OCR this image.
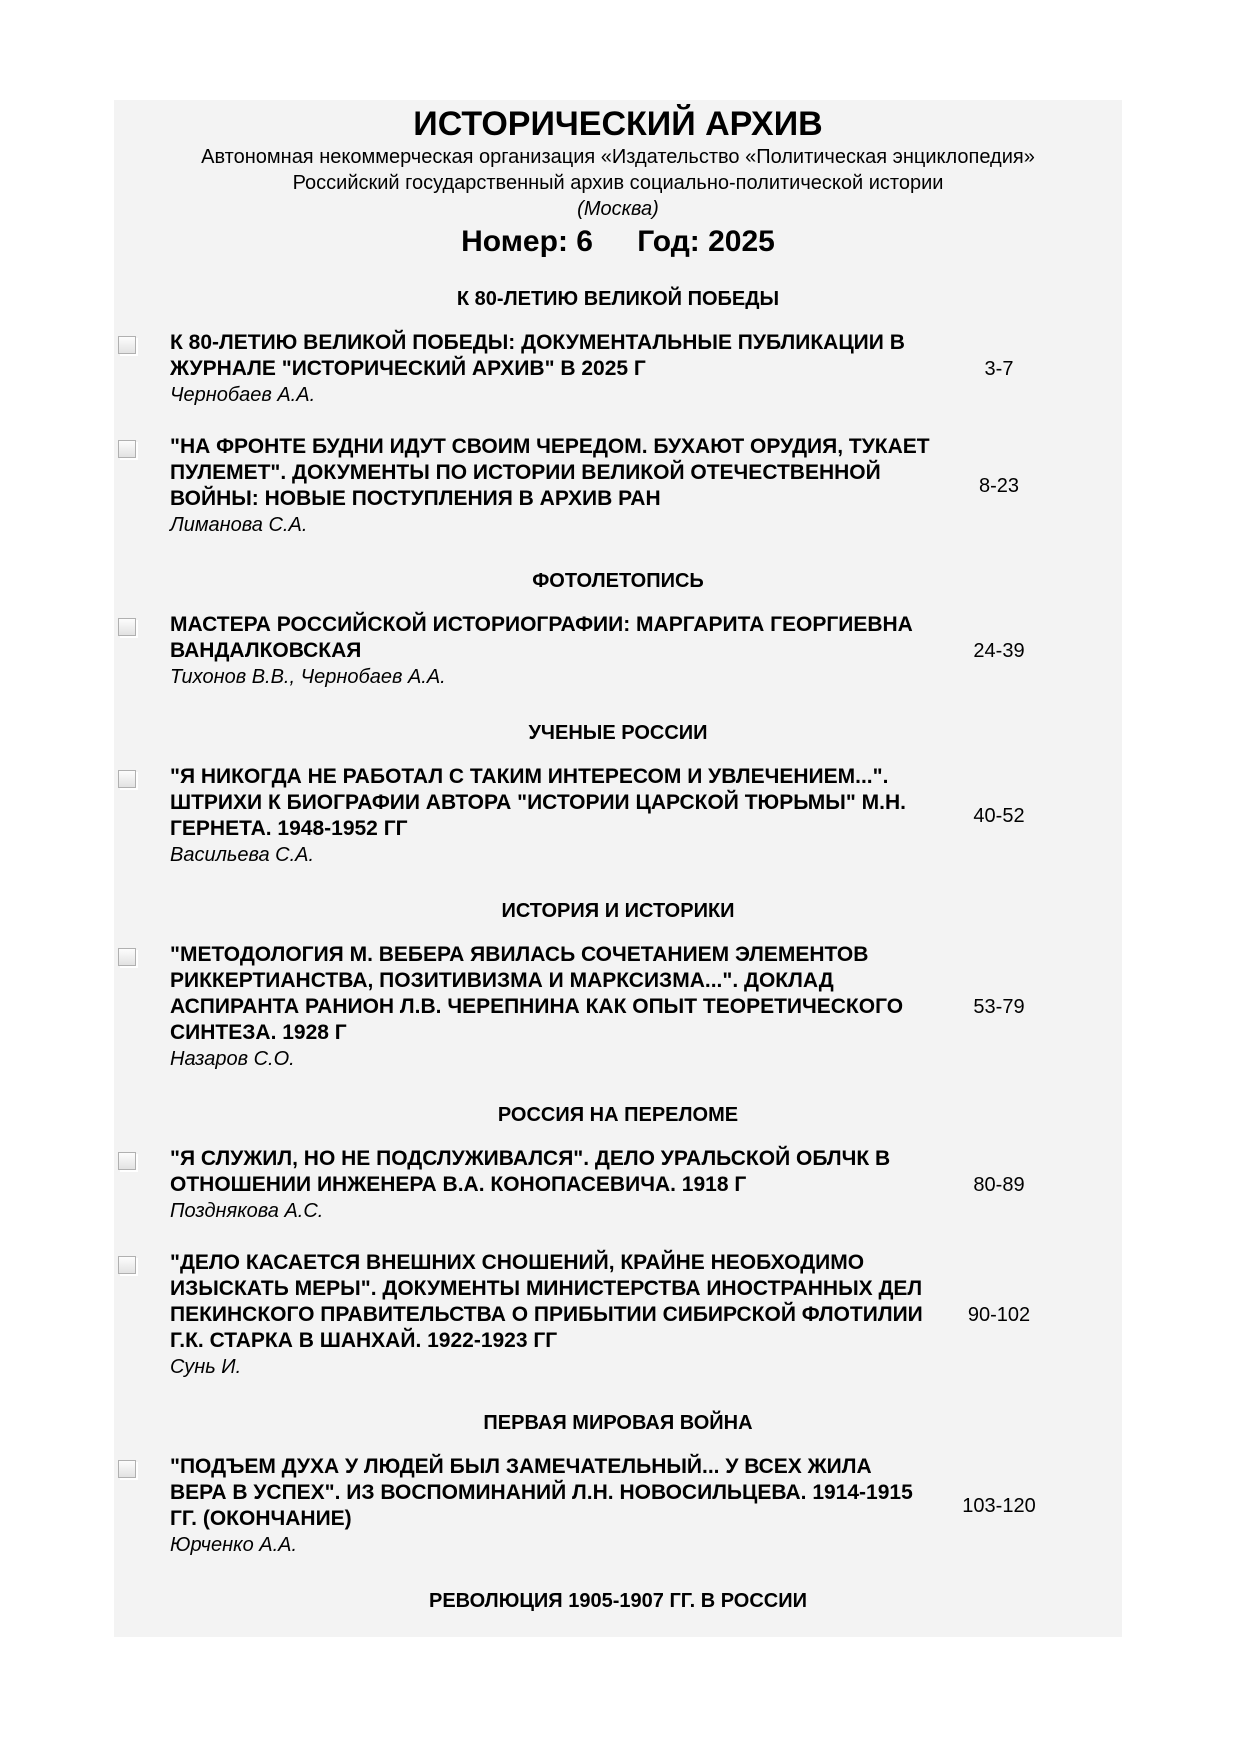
ИСТОРИЧЕСКИЙ АРХИВ
Автономная некоммерческая организация «Издательство «Политическая энциклопедия»
Российский государственный архив социально-политической истории
(Москва)
Номер: 6 Год: 2025
К 80-ЛЕТИЮ ВЕЛИКОЙ ПОБЕДЫ
К 80-ЛЕТИЮ ВЕЛИКОЙ ПОБЕДЫ: ДОКУМЕНТАЛЬНЫЕ ПУБЛИКАЦИИ В ЖУРНАЛЕ "ИСТОРИЧЕСКИЙ АРХИВ" В 2025 Г
Чернобаев А.А.
3-7
"НА ФРОНТЕ БУДНИ ИДУТ СВОИМ ЧЕРЕДОМ. БУХАЮТ ОРУДИЯ, ТУКАЕТ ПУЛЕМЕТ". ДОКУМЕНТЫ ПО ИСТОРИИ ВЕЛИКОЙ ОТЕЧЕСТВЕННОЙ ВОЙНЫ: НОВЫЕ ПОСТУПЛЕНИЯ В АРХИВ РАН
Лиманова С.А.
8-23
ФОТОЛЕТОПИСЬ
МАСТЕРА РОССИЙСКОЙ ИСТОРИОГРАФИИ: МАРГАРИТА ГЕОРГИЕВНА ВАНДАЛКОВСКАЯ
Тихонов В.В., Чернобаев А.А.
24-39
УЧЕНЫЕ РОССИИ
"Я НИКОГДА НЕ РАБОТАЛ С ТАКИМ ИНТЕРЕСОМ И УВЛЕЧЕНИЕМ...". ШТРИХИ К БИОГРАФИИ АВТОРА "ИСТОРИИ ЦАРСКОЙ ТЮРЬМЫ" М.Н. ГЕРНЕТА. 1948-1952 ГГ
Васильева С.А.
40-52
ИСТОРИЯ И ИСТОРИКИ
"МЕТОДОЛОГИЯ М. ВЕБЕРА ЯВИЛАСЬ СОЧЕТАНИЕМ ЭЛЕМЕНТОВ РИККЕРТИАНСТВА, ПОЗИТИВИЗМА И МАРКСИЗМА...". ДОКЛАД АСПИРАНТА РАНИОН Л.В. ЧЕРЕПНИНА КАК ОПЫТ ТЕОРЕТИЧЕСКОГО СИНТЕЗА. 1928 Г
Назаров С.О.
53-79
РОССИЯ НА ПЕРЕЛОМЕ
"Я СЛУЖИЛ, НО НЕ ПОДСЛУЖИВАЛСЯ". ДЕЛО УРАЛЬСКОЙ ОБЛЧК В ОТНОШЕНИИ ИНЖЕНЕРА В.А. КОНОПАСЕВИЧА. 1918 Г
Позднякова А.С.
80-89
"ДЕЛО КАСАЕТСЯ ВНЕШНИХ СНОШЕНИЙ, КРАЙНЕ НЕОБХОДИМО ИЗЫСКАТЬ МЕРЫ". ДОКУМЕНТЫ МИНИСТЕРСТВА ИНОСТРАННЫХ ДЕЛ ПЕКИНСКОГО ПРАВИТЕЛЬСТВА О ПРИБЫТИИ СИБИРСКОЙ ФЛОТИЛИИ Г.К. СТАРКА В ШАНХАЙ. 1922-1923 ГГ
Сунь И.
90-102
ПЕРВАЯ МИРОВАЯ ВОЙНА
"ПОДЪЕМ ДУХА У ЛЮДЕЙ БЫЛ ЗАМЕЧАТЕЛЬНЫЙ... У ВСЕХ ЖИЛА ВЕРА В УСПЕХ". ИЗ ВОСПОМИНАНИЙ Л.Н. НОВОСИЛЬЦЕВА. 1914-1915 ГГ. (ОКОНЧАНИЕ)
Юрченко А.А.
103-120
РЕВОЛЮЦИЯ 1905-1907 ГГ. В РОССИИ
